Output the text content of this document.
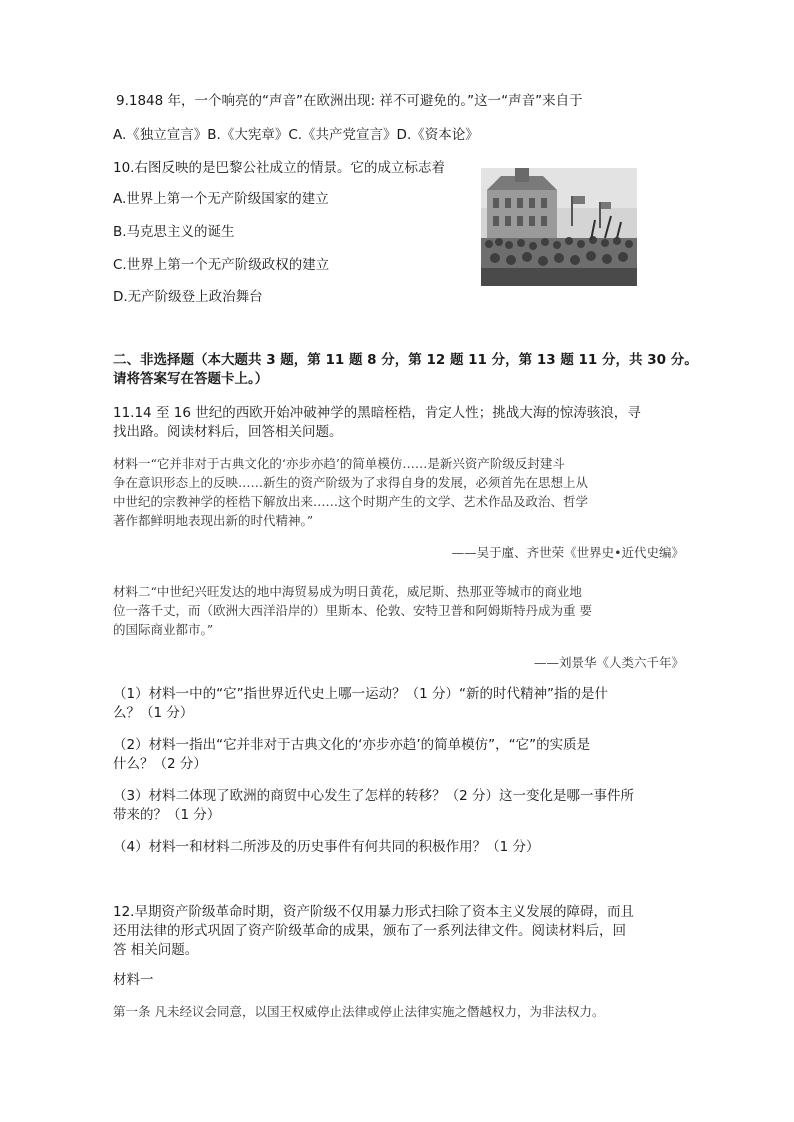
9.1848 年，一个响亮的“声音”在欧洲出现: 祥不可避免的。”这一“声音”来自于
A.《独立宣言》B.《大宪章》C.《共产党宣言》D.《资本论》
10.右图反映的是巴黎公社成立的情景。它的成立标志着
A.世界上第一个无产阶级国家的建立
B.马克思主义的诞生
C.世界上第一个无产阶级政权的建立
D.无产阶级登上政治舞台
二、非选择题（本大题共 3 题，第 11 题 8 分，第 12 题 11 分，第 13 题 11 分，共 30 分。
请将答案写在答题卡上。）
11.14 至 16 世纪的西欧开始冲破神学的黑暗桎梏，肯定人性；挑战大海的惊涛骇浪，寻
找出路。阅读材料后，回答相关问题。
材料一“它并非对于古典文化的‘亦步亦趋’的简单模仿……是新兴资产阶级反封建斗
争在意识形态上的反映……新生的资产阶级为了求得自身的发展，必须首先在思想上从
中世纪的宗教神学的桎梏下解放出来……这个时期产生的文学、艺术作品及政治、哲学
著作都鲜明地表现出新的时代精神。”
——吴于廑、齐世荣《世界史•近代史编》
材料二“中世纪兴旺发达的地中海贸易成为明日黄花，威尼斯、热那亚等城市的商业地
位一落千丈，而（欧洲大西洋沿岸的）里斯本、伦敦、安特卫普和阿姆斯特丹成为重 要
的国际商业都市。”
——刘景华《人类六千年》
（1）材料一中的“它”指世界近代史上哪一运动？（1 分）“新的时代精神”指的是什
么？（1 分）
（2）材料一指出“它并非对于古典文化的‘亦步亦趋’的简单模仿”，“它”的实质是
什么？（2 分）
（3）材料二体现了欧洲的商贸中心发生了怎样的转移？（2 分）这一变化是哪一事件所
带来的？（1 分）
（4）材料一和材料二所涉及的历史事件有何共同的积极作用？（1 分）
12.早期资产阶级革命时期，资产阶级不仅用暴力形式扫除了资本主义发展的障碍，而且
还用法律的形式巩固了资产阶级革命的成果，颁布了一系列法律文件。阅读材料后，回
答 相关问题。
材料一
第一条 凡未经议会同意，以国王权威停止法律或停止法律实施之僭越权力，为非法权力。
